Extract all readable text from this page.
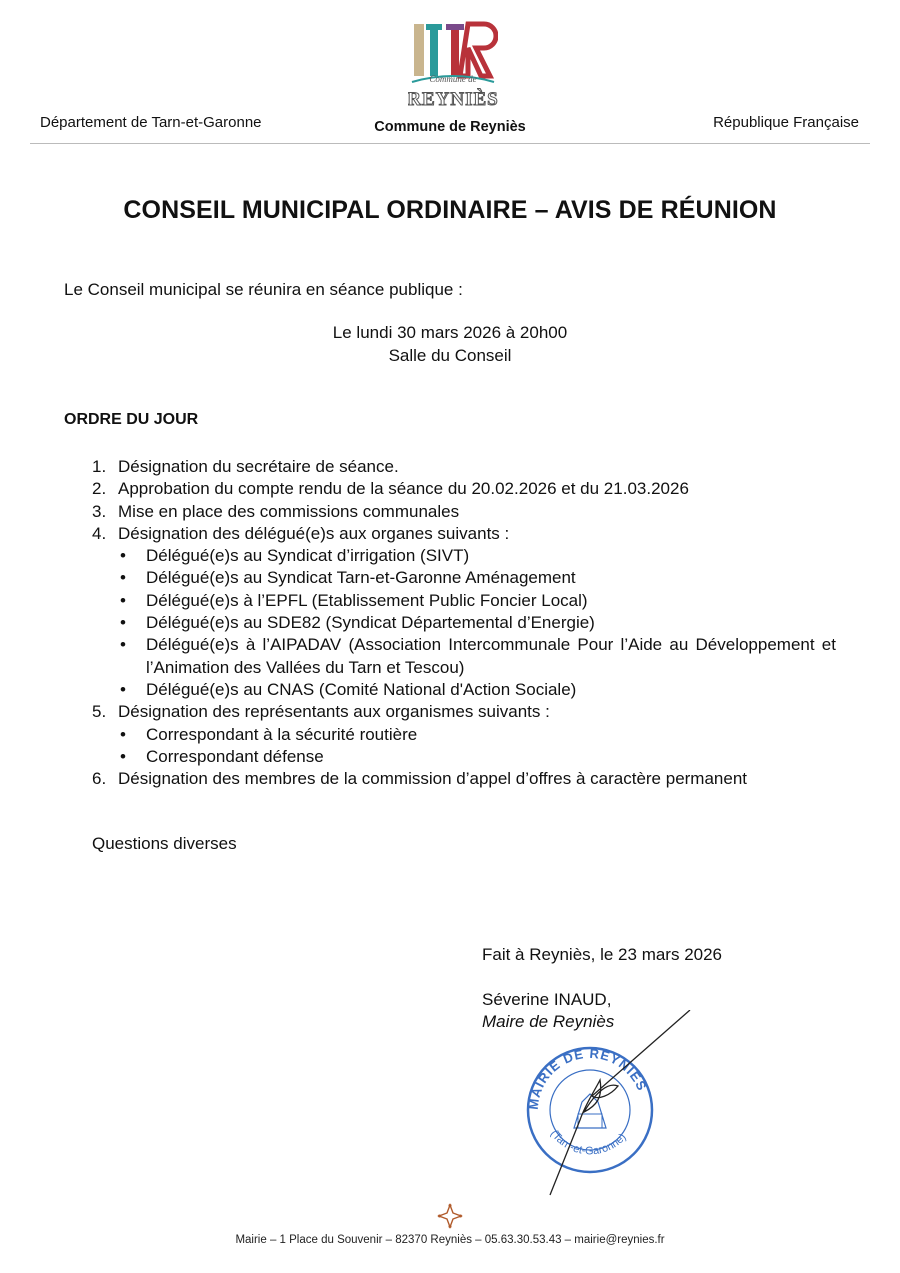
Commune de
REYNIÈS
Département de Tarn-et-Garonne	Commune de Reyniès	République Française
CONSEIL MUNICIPAL ORDINAIRE – AVIS DE RÉUNION
Le Conseil municipal se réunira en séance publique :
Le lundi 30 mars 2026 à 20h00
Salle du Conseil
ORDRE DU JOUR
1. Désignation du secrétaire de séance.
2. Approbation du compte rendu de la séance du 20.02.2026 et du 21.03.2026
3. Mise en place des commissions communales
4. Désignation des délégué(e)s aux organes suivants :
• Délégué(e)s au Syndicat d’irrigation (SIVT)
• Délégué(e)s au Syndicat Tarn-et-Garonne Aménagement
• Délégué(e)s à l’EPFL (Etablissement Public Foncier Local)
• Délégué(e)s au SDE82 (Syndicat Départemental d’Energie)
• Délégué(e)s à l’AIPADAV (Association Intercommunale Pour l’Aide au Développement et l’Animation des Vallées du Tarn et Tescou)
• Délégué(e)s au CNAS (Comité National d'Action Sociale)
5. Désignation des représentants aux organismes suivants :
• Correspondant à la sécurité routière
• Correspondant défense
6. Désignation des membres de la commission d’appel d’offres à caractère permanent
Questions diverses
Fait à Reyniès, le 23 mars 2026
Séverine INAUD,
Maire de Reyniès
MAIRIE DE REYNIES
(Tarn-et-Garonne)
Mairie – 1 Place du Souvenir – 82370 Reyniès – 05.63.30.53.43 – mairie@reynies.fr
